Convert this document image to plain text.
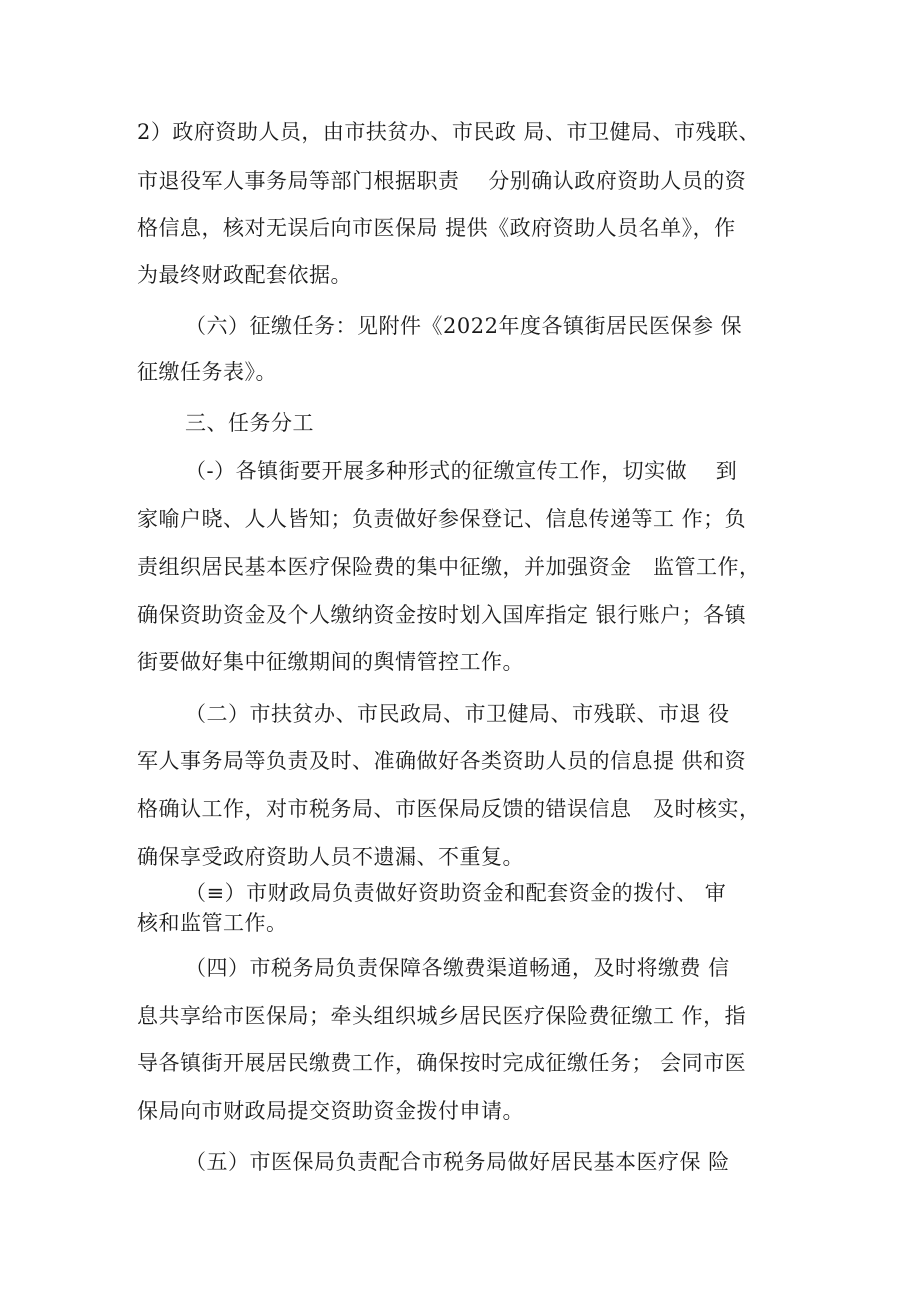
2）政府资助人员，由市扶贫办、市民政 局、市卫健局、市残联、
市退役军人事务局等部门根据职责    分别确认政府资助人员的资
格信息，核对无误后向市医保局 提供《政府资助人员名单》，作
为最终财政配套依据。
（六）征缴任务：见附件《2022年度各镇街居民医保参 保
征缴任务表》。
三、任务分工
（-）各镇街要开展多种形式的征缴宣传工作，切实做    到
家喻户晓、人人皆知；负责做好参保登记、信息传递等工 作；负
责组织居民基本医疗保险费的集中征缴，并加强资金   监管工作，
确保资助资金及个人缴纳资金按时划入国库指定 银行账户；各镇
街要做好集中征缴期间的舆情管控工作。
（二）市扶贫办、市民政局、市卫健局、市残联、市退 役
军人事务局等负责及时、准确做好各类资助人员的信息提 供和资
格确认工作，对市税务局、市医保局反馈的错误信息   及时核实，
确保享受政府资助人员不遗漏、不重复。
（≡）市财政局负责做好资助资金和配套资金的拨付、 审
核和监管工作。
（四）市税务局负责保障各缴费渠道畅通，及时将缴费 信
息共享给市医保局；牵头组织城乡居民医疗保险费征缴工 作，指
导各镇街开展居民缴费工作，确保按时完成征缴任务； 会同市医
保局向市财政局提交资助资金拨付申请。
（五）市医保局负责配合市税务局做好居民基本医疗保 险
